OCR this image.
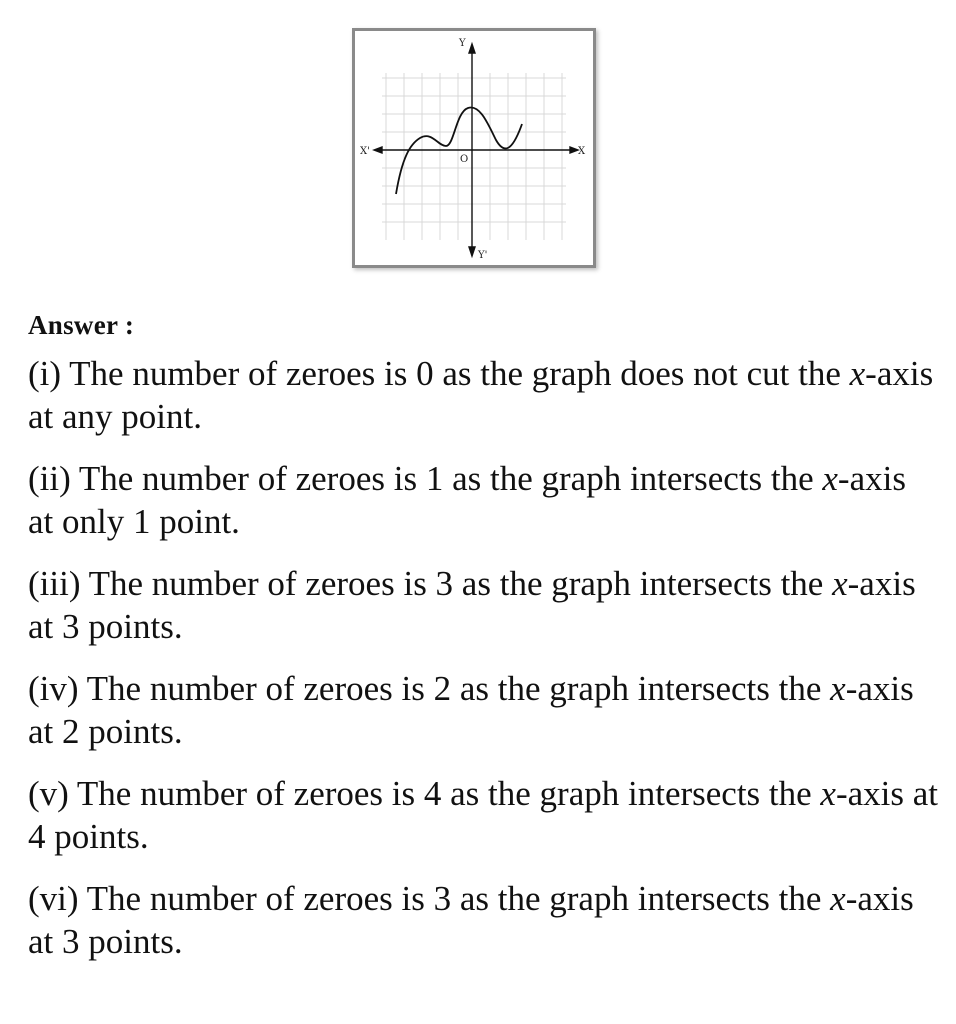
Y
Y'
X'	X
O
Answer :

(i) The number of zeroes is 0 as the graph does not cut the x-axis at any point.

(ii) The number of zeroes is 1 as the graph intersects the x-axis at only 1 point.

(iii) The number of zeroes is 3 as the graph intersects the x-axis at 3 points.

(iv) The number of zeroes is 2 as the graph intersects the x-axis at 2 points.

(v) The number of zeroes is 4 as the graph intersects the x-axis at 4 points.

(vi) The number of zeroes is 3 as the graph intersects the x-axis at 3 points.
